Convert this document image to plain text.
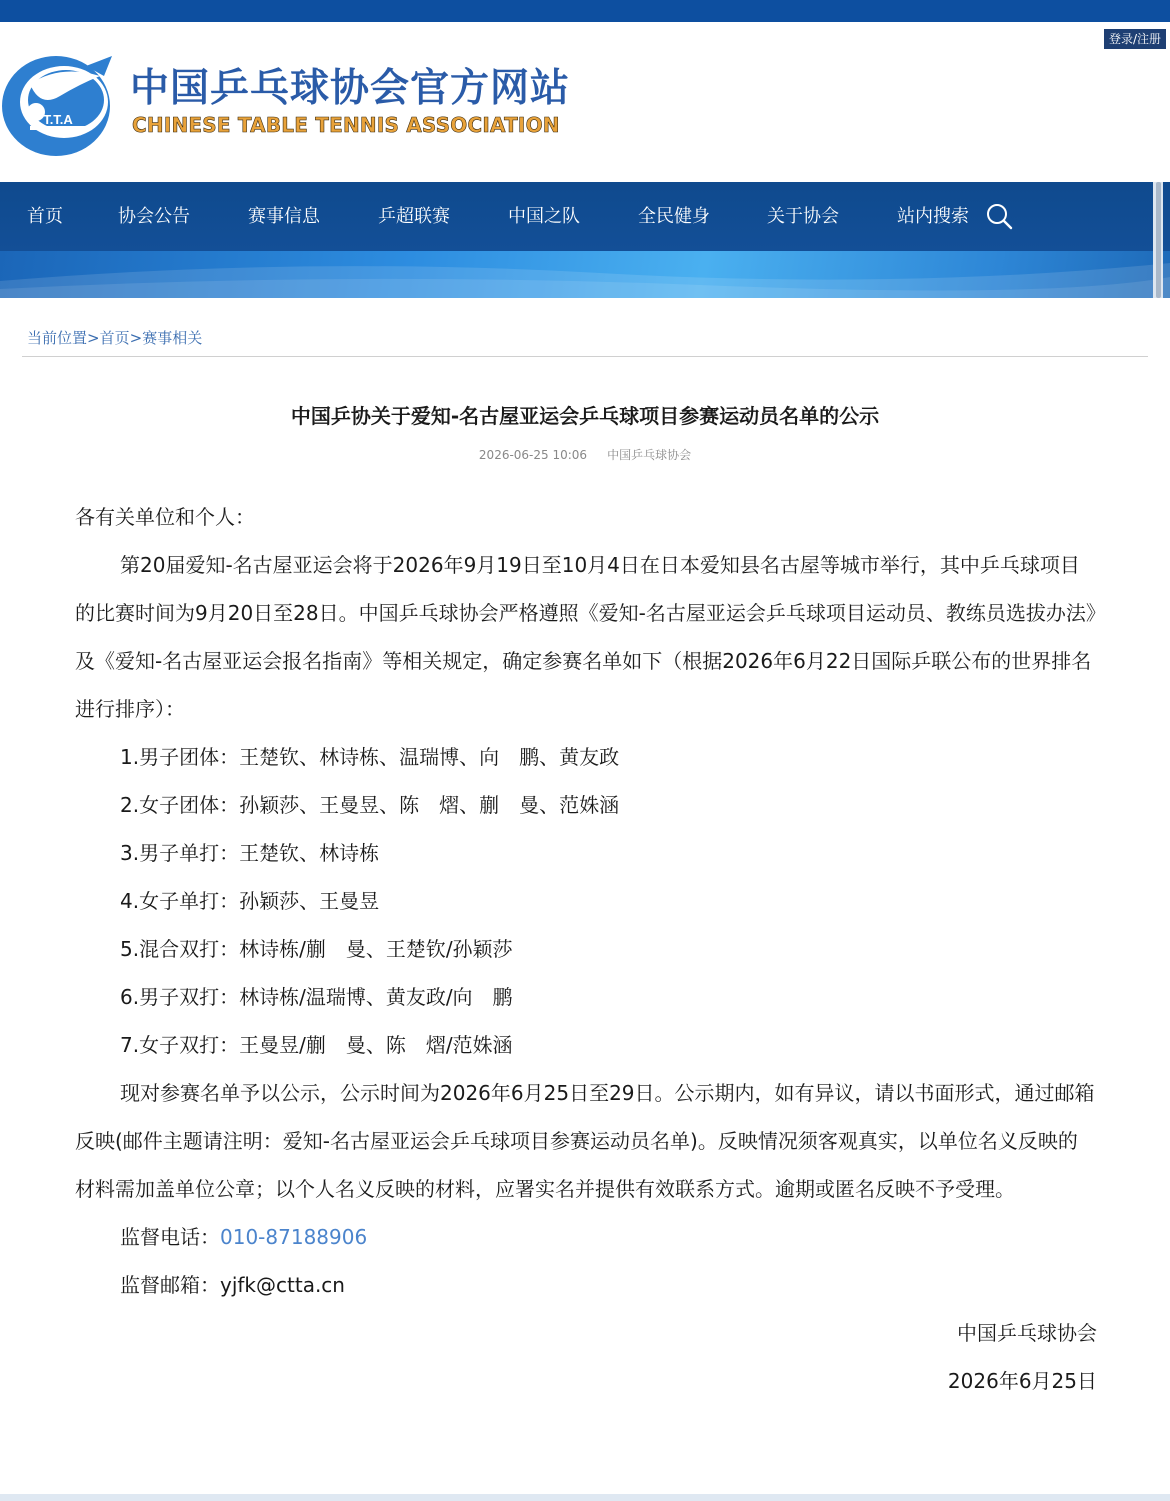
登录/注册
T.T.A
中国乒乓球协会官方网站
CHINESE TABLE TENNIS ASSOCIATION
首页	协会公告	赛事信息	乒超联赛	中国之队	全民健身	关于协会	站内搜索
当前位置>首页>赛事相关
中国乒协关于爱知-名古屋亚运会乒乓球项目参赛运动员名单的公示
2026-06-25 10:06 中国乒乓球协会

各有关单位和个人：

第20届爱知-名古屋亚运会将于2026年9月19日至10月4日在日本爱知县名古屋等城市举行，其中乒乓球项目的比赛时间为9月20日至28日。中国乒乓球协会严格遵照《爱知-名古屋亚运会乒乓球项目运动员、教练员选拔办法》及《爱知-名古屋亚运会报名指南》等相关规定，确定参赛名单如下（根据2026年6月22日国际乒联公布的世界排名进行排序）：

1.男子团体：王楚钦、林诗栋、温瑞博、向　鹏、黄友政

2.女子团体：孙颖莎、王曼昱、陈　熠、蒯　曼、范姝涵

3.男子单打：王楚钦、林诗栋

4.女子单打：孙颖莎、王曼昱

5.混合双打：林诗栋/蒯　曼、王楚钦/孙颖莎

6.男子双打：林诗栋/温瑞博、黄友政/向　鹏

7.女子双打：王曼昱/蒯　曼、陈　熠/范姝涵

现对参赛名单予以公示，公示时间为2026年6月25日至29日。公示期内，如有异议，请以书面形式，通过邮箱反映(邮件主题请注明：爱知-名古屋亚运会乒乓球项目参赛运动员名单)。反映情况须客观真实，以单位名义反映的材料需加盖单位公章；以个人名义反映的材料，应署实名并提供有效联系方式。逾期或匿名反映不予受理。

监督电话：010-87188906

监督邮箱：yjfk@ctta.cn

中国乒乓球协会

2026年6月25日
